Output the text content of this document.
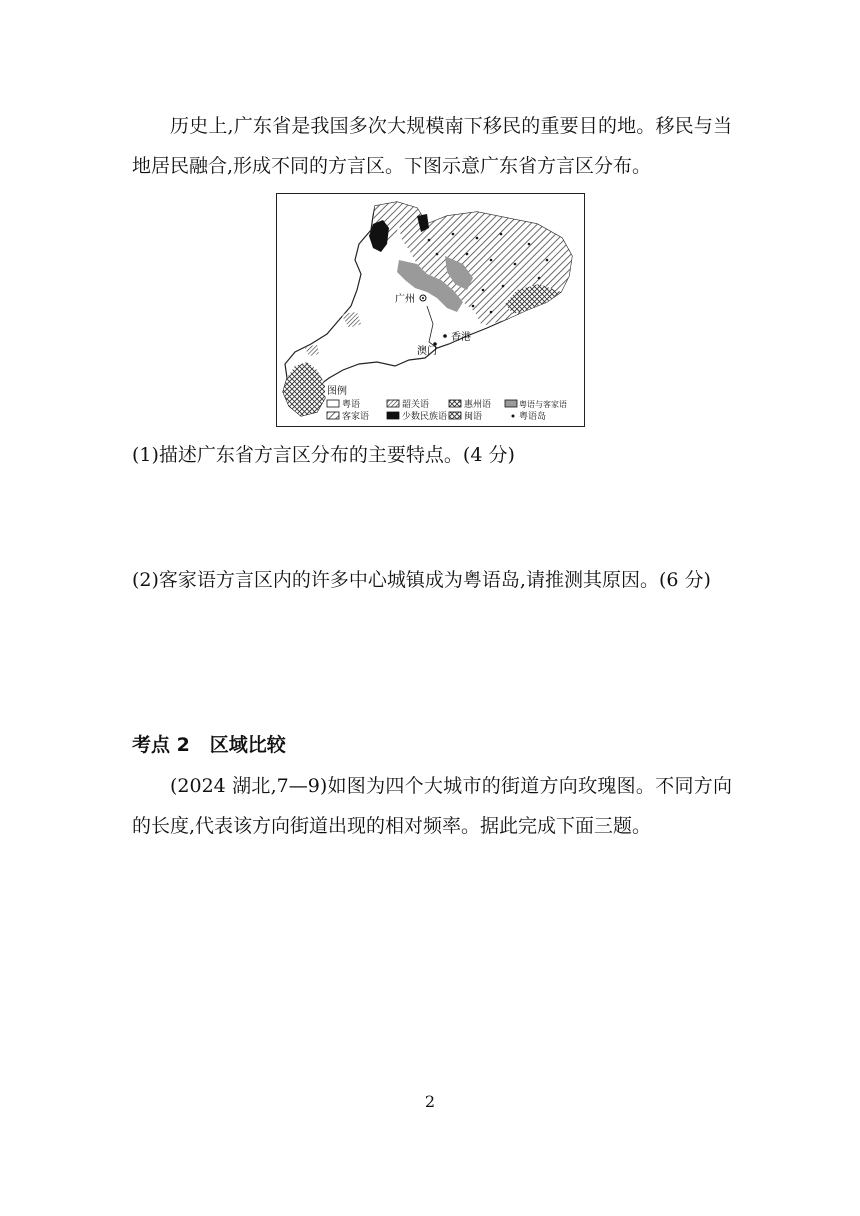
历史上,广东省是我国多次大规模南下移民的重要目的地。移民与当地居民融合,形成不同的方言区。下图示意广东省方言区分布。
广州
香港
澳门
图例
粤语	韶关语	惠州语	粤语与客家语
客家语	少数民族语 闽语	粤语岛
(1)描述广东省方言区分布的主要特点。(4 分)
(2)客家语方言区内的许多中心城镇成为粤语岛,请推测其原因。(6 分)
考点 2 区域比较
(2024 湖北,7—9)如图为四个大城市的街道方向玫瑰图。不同方向的长度,代表该方向街道出现的相对频率。据此完成下面三题。
2
